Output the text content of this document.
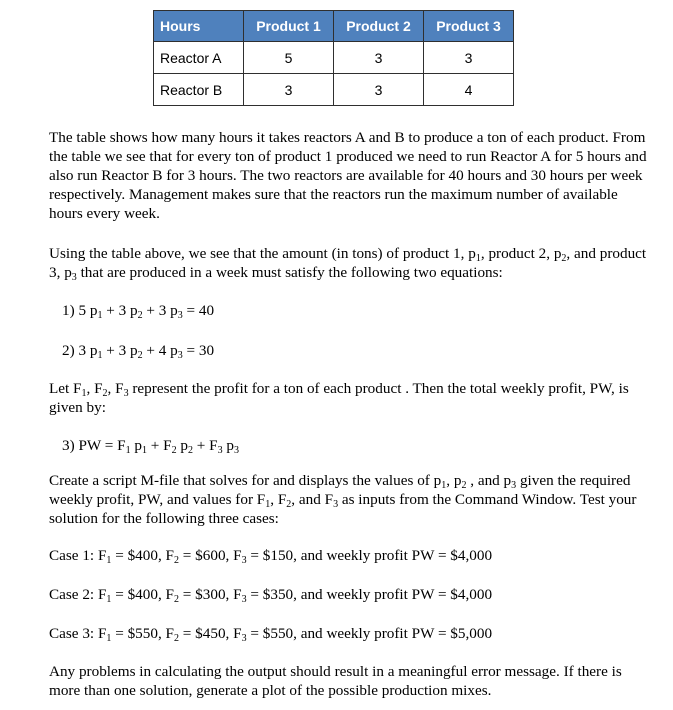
Hours	Product 1	Product 2	Product 3
Reactor A	5	3	3
Reactor B	3	3	4

The table shows how many hours it takes reactors A and B to produce a ton of each product. From the table we see that for every ton of product 1 produced we need to run Reactor A for 5 hours and also run Reactor B for 3 hours. The two reactors are available for 40 hours and 30 hours per week respectively. Management makes sure that the reactors run the maximum number of available hours every week.

Using the table above, we see that the amount (in tons) of product 1, $p_1$, product 2, $p_2$, and product 3, $p_3$ that are produced in a week must satisfy the following two equations:

1) 5 $p_1 + 3$ $p_2 + 3$ $p_3 = 40$
2) 3 $p_1 + 3$ $p_2 + 4$ $p_3 = 30$

Let $F_1$, $F_2$, $F_3$ represent the profit for a ton of each product . Then the total weekly profit, PW, is given by:

3) PW = $F_1$ $p_1 + F_2$ $p_2 + F_3$ $p_3$

Create a script M-file that solves for and displays the values of $p_1$, $p_2$ , and $p_3$ given the required weekly profit, PW, and values for $F_1$, $F_2$, and $F_3$ as inputs from the Command Window. Test your solution for the following three cases:

Case 1: $F_1$ = $400, $F_2$ = $600, $F_3$ = $150, and weekly profit PW = $4,000
Case 2: $F_1$ = $400, $F_2$ = $300, $F_3$ = $350, and weekly profit PW = $4,000
Case 3: $F_1$ = $550, $F_2$ = $450, $F_3$ = $550, and weekly profit PW = $5,000

Any problems in calculating the output should result in a meaningful error message. If there is more than one solution, generate a plot of the possible production mixes.
